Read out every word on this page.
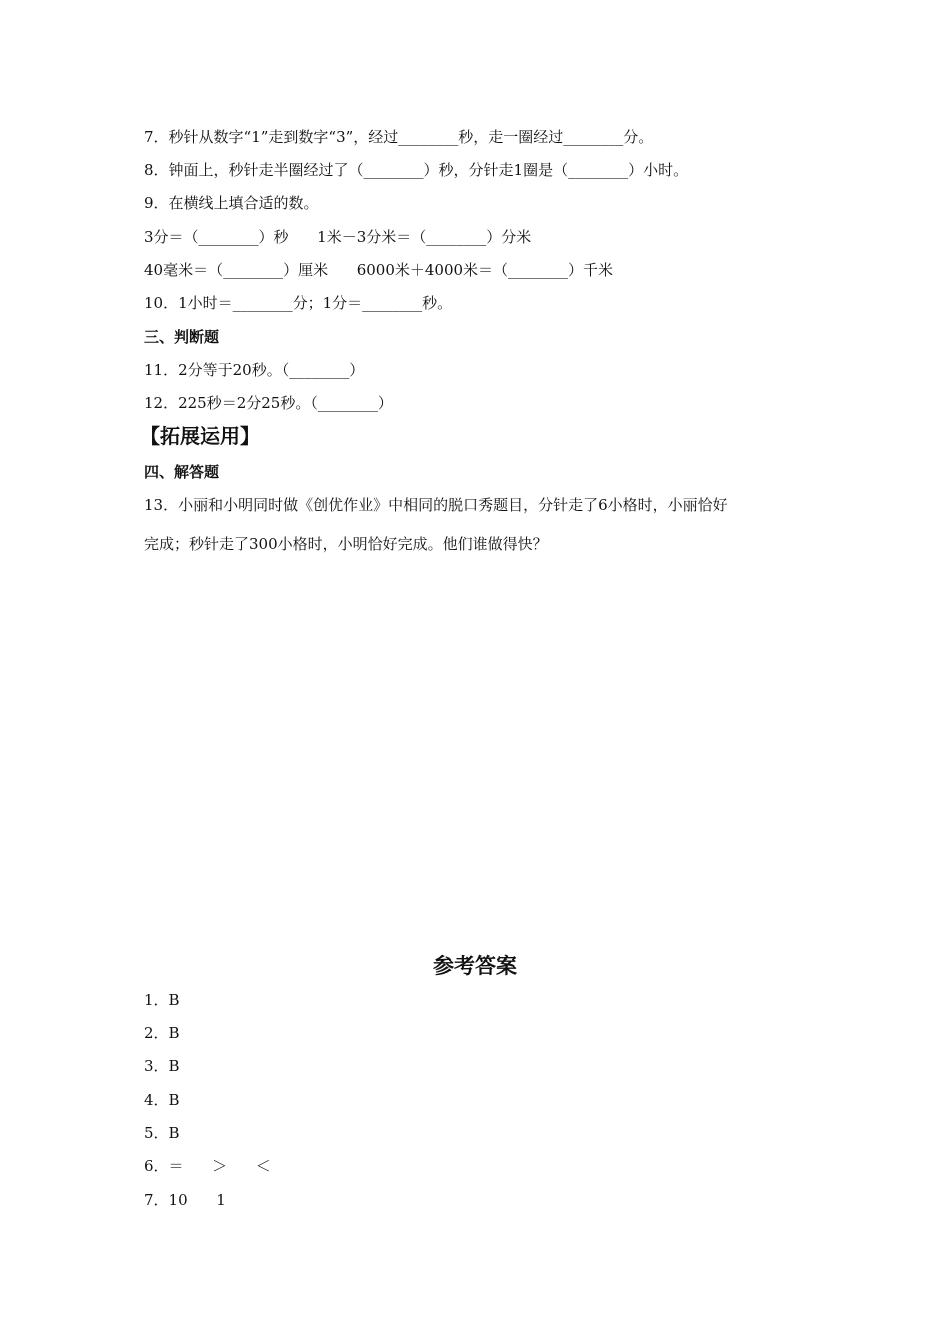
7．秒针从数字“1”走到数字“3”，经过________秒，走一圈经过________分。
8．钟面上，秒针走半圈经过了（________）秒，分针走1圈是（________）小时。
9．在横线上填合适的数。
3分＝（________）秒      1米－3分米＝（________）分米
40毫米＝（________）厘米      6000米＋4000米＝（________）千米
10．1小时＝________分；1分＝________秒。
三、判断题
11．2分等于20秒。（________）
12．225秒＝2分25秒。（________）
【拓展运用】
四、解答题
13．小丽和小明同时做《创优作业》中相同的脱口秀题目，分针走了6小格时，小丽恰好
完成；秒针走了300小格时，小明恰好完成。他们谁做得快？
参考答案
1．B
2．B
3．B
4．B
5．B
6．＝      ＞      ＜
7．10      1
